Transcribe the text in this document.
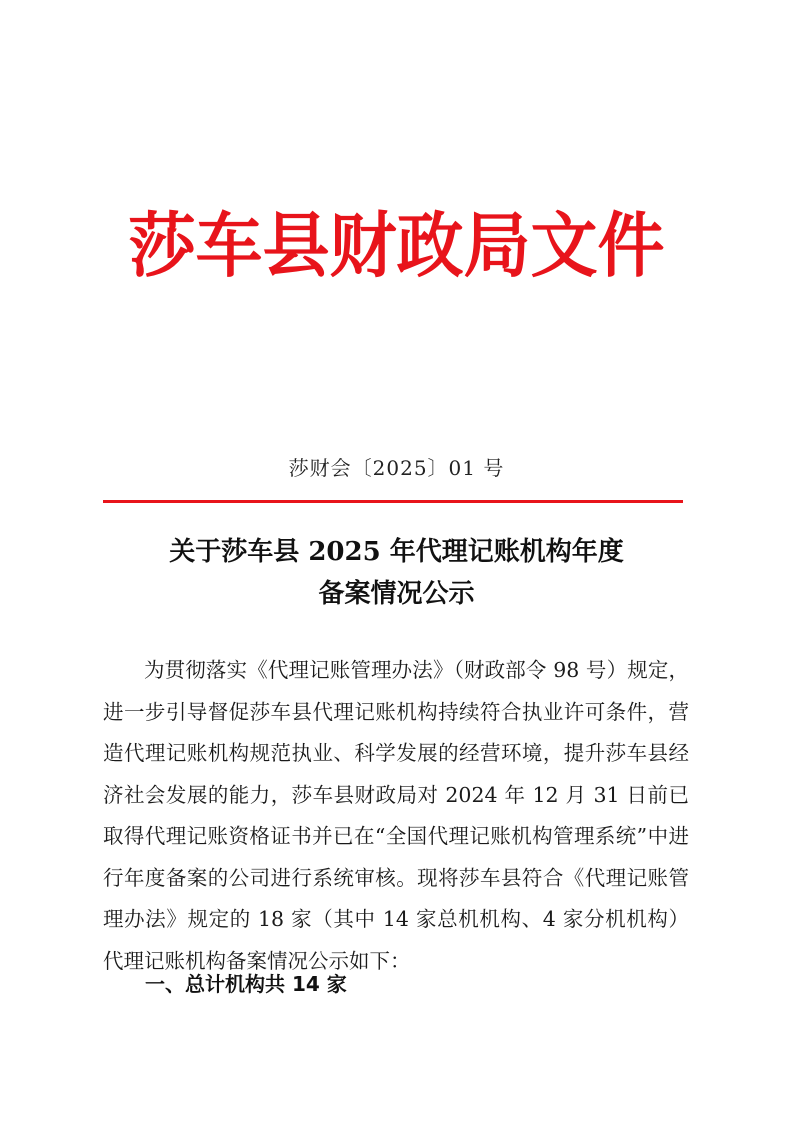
莎车县财政局文件
莎财会〔2025〕01 号
关于莎车县 2025 年代理记账机构年度
备案情况公示

为贯彻落实《代理记账管理办法》（财政部令 98 号）规定，进一步引导督促莎车县代理记账机构持续符合执业许可条件，营造代理记账机构规范执业、科学发展的经营环境，提升莎车县经济社会发展的能力，莎车县财政局对 2024 年 12 月 31 日前已取得代理记账资格证书并已在“全国代理记账机构管理系统”中进行年度备案的公司进行系统审核。现将莎车县符合《代理记账管理办法》规定的 18 家（其中 14 家总机机构、4 家分机机构）代理记账机构备案情况公示如下：

一、总计机构共 14 家
